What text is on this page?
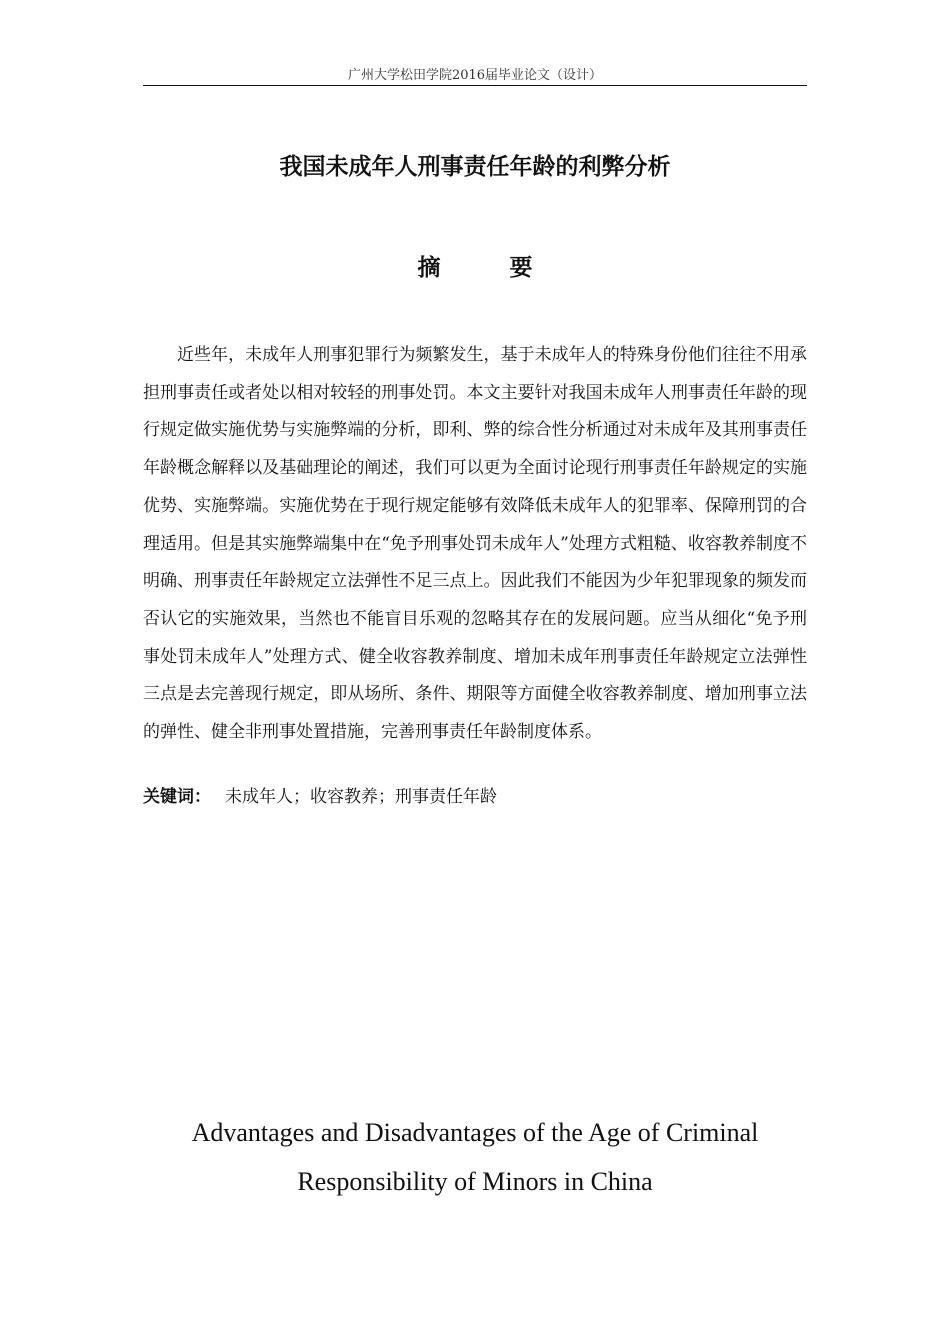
广州大学松田学院2016届毕业论文（设计）
我国未成年人刑事责任年龄的利弊分析
摘　要

近些年，未成年人刑事犯罪行为频繁发生，基于未成年人的特殊身份他们往往不用承担刑事责任或者处以相对较轻的刑事处罚。本文主要针对我国未成年人刑事责任年龄的现行规定做实施优势与实施弊端的分析，即利、弊的综合性分析通过对未成年及其刑事责任年龄概念解释以及基础理论的阐述，我们可以更为全面讨论现行刑事责任年龄规定的实施优势、实施弊端。实施优势在于现行规定能够有效降低未成年人的犯罪率、保障刑罚的合理适用。但是其实施弊端集中在“免予刑事处罚未成年人”处理方式粗糙、收容教养制度不明确、刑事责任年龄规定立法弹性不足三点上。因此我们不能因为少年犯罪现象的频发而否认它的实施效果，当然也不能盲目乐观的忽略其存在的发展问题。应当从细化“免予刑事处罚未成年人”处理方式、健全收容教养制度、增加未成年刑事责任年龄规定立法弹性三点是去完善现行规定，即从场所、条件、期限等方面健全收容教养制度、增加刑事立法的弹性、健全非刑事处置措施，完善刑事责任年龄制度体系。

关键词： 未成年人；收容教养；刑事责任年龄
Advantages and Disadvantages of the Age of Criminal
Responsibility of Minors in China
